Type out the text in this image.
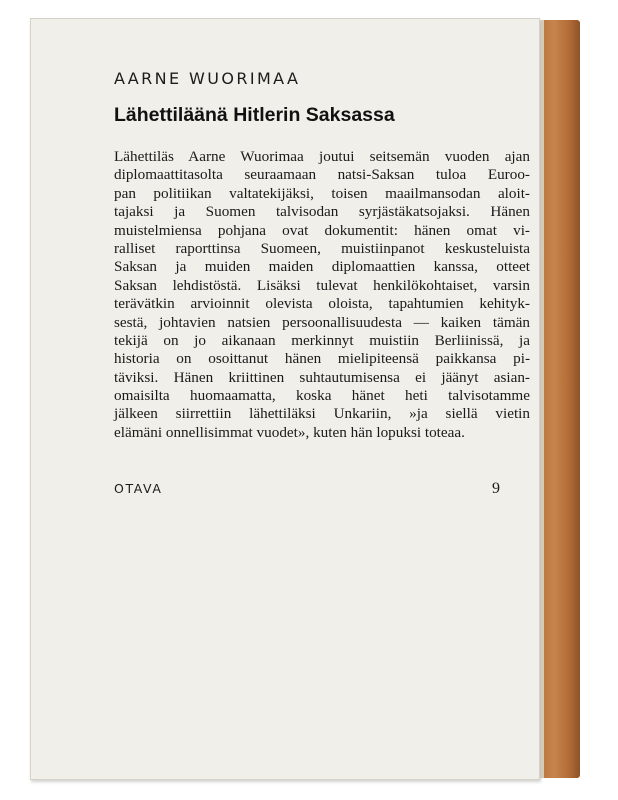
AARNE WUORIMAA
Lähettiläänä Hitlerin Saksassa
Lähettiläs Aarne Wuorimaa joutui seitsemän vuoden ajan
diplomaattitasolta seuraamaan natsi-Saksan tuloa Euroo-
pan politiikan valtatekijäksi, toisen maailmansodan aloit-
tajaksi ja Suomen talvisodan syrjästäkatsojaksi. Hänen
muistelmiensa pohjana ovat dokumentit: hänen omat vi-
ralliset raporttinsa Suomeen, muistiinpanot keskusteluista
Saksan ja muiden maiden diplomaattien kanssa, otteet
Saksan lehdistöstä. Lisäksi tulevat henkilökohtaiset, varsin
terävätkin arvioinnit olevista oloista, tapahtumien kehityk-
sestä, johtavien natsien persoonallisuudesta — kaiken tämän
tekijä on jo aikanaan merkinnyt muistiin Berliinissä, ja
historia on osoittanut hänen mielipiteensä paikkansa pi-
täviksi. Hänen kriittinen suhtautumisensa ei jäänyt asian-
omaisilta huomaamatta, koska hänet heti talvisotamme
jälkeen siirrettiin lähettiläksi Unkariin, »ja siellä vietin
elämäni onnellisimmat vuodet», kuten hän lopuksi toteaa.
OTAVA	9
